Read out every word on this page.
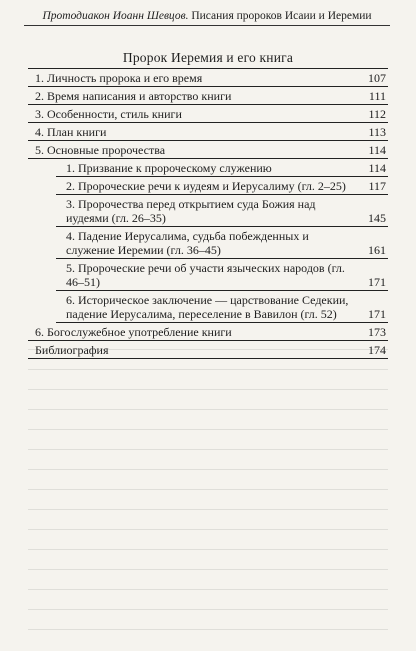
Протодиакон Иоанн Шевцов. Писания пророков Исаии и Иеремии
Пророк Иеремия и его книга
1. Личность пророка и его время	107
2. Время написания и авторство книги	111
3. Особенности, стиль книги	112
4. План книги	113
5. Основные пророчества	114
1. Призвание к пророческому служению	114
2. Пророческие речи к иудеям и Иерусалиму (гл. 2–25)	117
3. Пророчества перед открытием суда Божия над иудеями (гл. 26–35)	145
4. Падение Иерусалима, судьба побежденных и служение Иеремии (гл. 36–45)	161
5. Пророческие речи об участи языческих народов (гл. 46–51)	171
6. Историческое заключение — царствование Седекии, падение Иерусалима, переселение в Вавилон (гл. 52)	171
6. Богослужебное употребление книги	173
Библиография	174
